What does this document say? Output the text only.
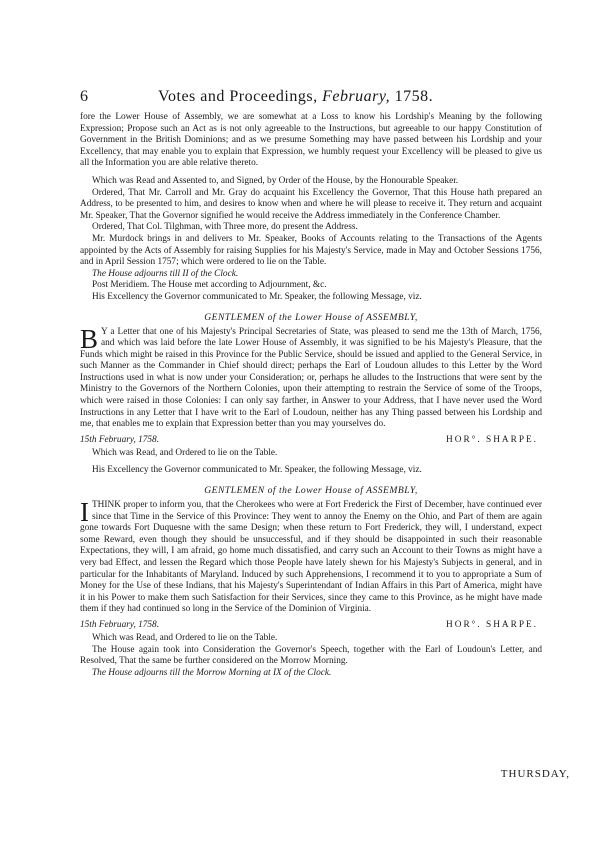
6	Votes and Proceedings, February, 1758.

fore the Lower House of Assembly, we are somewhat at a Loss to know his Lordship's Meaning by the following Expression; Propose such an Act as is not only agreeable to the Instructions, but agreeable to our happy Constitution of Government in the British Dominions; and as we presume Something may have passed between his Lordship and your Excellency, that may enable you to explain that Expression, we humbly request your Excellency will be pleased to give us all the Information you are able relative thereto.

Which was Read and Assented to, and Signed, by Order of the House, by the Honourable Speaker.

Ordered, That Mr. Carroll and Mr. Gray do acquaint his Excellency the Governor, That this House hath prepared an Address, to be presented to him, and desires to know when and where he will please to receive it. They return and acquaint Mr. Speaker, That the Governor signified he would receive the Address immediately in the Conference Chamber.

Ordered, That Col. Tilghman, with Three more, do present the Address.

Mr. Murdock brings in and delivers to Mr. Speaker, Books of Accounts relating to the Transactions of the Agents appointed by the Acts of Assembly for raising Supplies for his Majesty's Service, made in May and October Sessions 1756, and in April Session 1757; which were ordered to lie on the Table.

The House adjourns till II of the Clock.

Post Meridiem. The House met according to Adjournment, &c.

His Excellency the Governor communicated to Mr. Speaker, the following Message, viz.

GENTLEMEN of the Lower House of ASSEMBLY,

B Y a Letter that one of his Majesty's Principal Secretaries of State, was pleased to send me the 13th of March, 1756, and which was laid before the late Lower House of Assembly, it was signified to be his Majesty's Pleasure, that the Funds which might be raised in this Province for the Public Service, should be issued and applied to the General Service, in such Manner as the Commander in Chief should direct; perhaps the Earl of Loudoun alludes to this Letter by the Word Instructions used in what is now under your Consideration; or, perhaps he alludes to the Instructions that were sent by the Ministry to the Governors of the Northern Colonies, upon their attempting to restrain the Service of some of the Troops, which were raised in those Colonies: I can only say farther, in Answer to your Address, that I have never used the Word Instructions in any Letter that I have writ to the Earl of Loudoun, neither has any Thing passed between his Lordship and me, that enables me to explain that Expression better than you may yourselves do.

15th February, 1758.	HOR°. SHARPE.

Which was Read, and Ordered to lie on the Table.

His Excellency the Governor communicated to Mr. Speaker, the following Message, viz.

GENTLEMEN of the Lower House of ASSEMBLY,

ITHINK proper to inform you, that the Cherokees who were at Fort Frederick the First of December, have continued ever since that Time in the Service of this Province: They went to annoy the Enemy on the Ohio, and Part of them are again gone towards Fort Duquesne with the same Design; when these return to Fort Frederick, they will, I understand, expect some Reward, even though they should be unsuccessful, and if they should be disappointed in such their reasonable Expectations, they will, I am afraid, go home much dissatisfied, and carry such an Account to their Towns as might have a very bad Effect, and lessen the Regard which those People have lately shewn for his Majesty's Subjects in general, and in particular for the Inhabitants of Maryland. Induced by such Apprehensions, I recommend it to you to appropriate a Sum of Money for the Use of these Indians, that his Majesty's Superintendant of Indian Affairs in this Part of America, might have it in his Power to make them such Satisfaction for their Services, since they came to this Province, as he might have made them if they had continued so long in the Service of the Dominion of Virginia.

15th February, 1758.	HOR°. SHARPE.

Which was Read, and Ordered to lie on the Table.

The House again took into Consideration the Governor's Speech, together with the Earl of Loudoun's Letter, and Resolved, That the same be further considered on the Morrow Morning.

The House adjourns till the Morrow Morning at IX of the Clock.

THURSDAY,
